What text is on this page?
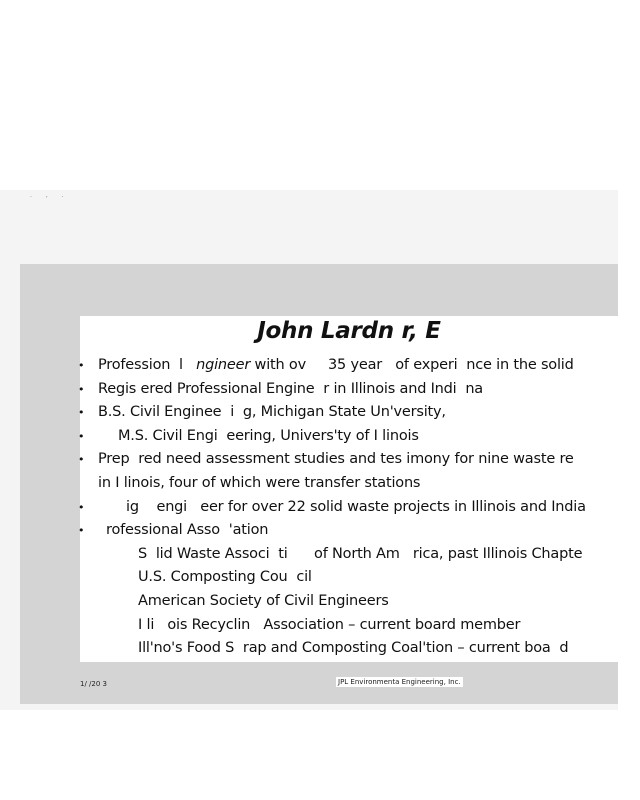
. , .
John Lardn r, E
• Profession  l   ngineer with ov     35 year   of experi  nce in the solid
• Regis ered Professional Engine  r in Illinois and Indi  na
• B.S. Civil Enginee  i  g, Michigan State Un'versity,
• M.S. Civil Engi  eering, Univers'ty of I linois
• Prep  red need assessment studies and tes imony for nine waste re
in I linois, four of which were transfer stations
•	ig    engi   eer for over 22 solid waste projects in Illinois and India
• rofessional Asso  'ation
S  lid Waste Associ  ti      of North Am   rica, past Illinois Chapte
U.S. Composting Cou  cil
American Society of Civil Engineers
I li   ois Recyclin   Association – current board member
Ill'no's Food S  rap and Composting Coal'tion – current boa  d
1/ /20 3	JPL Environmenta Engineering, Inc.
